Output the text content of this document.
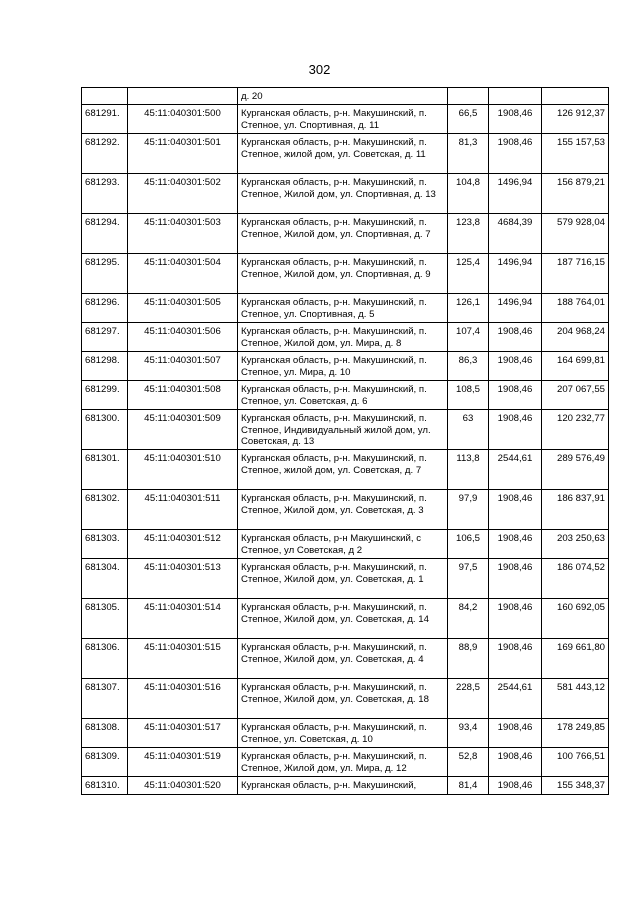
302
		д. 20			
681291.	45:11:040301:500	Курганская область, р-н. Макушинский, п. Степное, ул. Спортивная, д. 11	66,5	1908,46	126 912,37
681292.	45:11:040301:501	Курганская область, р-н. Макушинский, п. Степное, жилой дом, ул. Советская, д. 11	81,3	1908,46	155 157,53
681293.	45:11:040301:502	Курганская область, р-н. Макушинский, п. Степное, Жилой дом, ул. Спортивная, д. 13	104,8	1496,94	156 879,21
681294.	45:11:040301:503	Курганская область, р-н. Макушинский, п. Степное, Жилой дом, ул. Спортивная, д. 7	123,8	4684,39	579 928,04
681295.	45:11:040301:504	Курганская область, р-н. Макушинский, п. Степное, Жилой дом, ул. Спортивная, д. 9	125,4	1496,94	187 716,15
681296.	45:11:040301:505	Курганская область, р-н. Макушинский, п. Степное, ул. Спортивная, д. 5	126,1	1496,94	188 764,01
681297.	45:11:040301:506	Курганская область, р-н. Макушинский, п. Степное, Жилой дом, ул. Мира, д. 8	107,4	1908,46	204 968,24
681298.	45:11:040301:507	Курганская область, р-н. Макушинский, п. Степное, ул. Мира, д. 10	86,3	1908,46	164 699,81
681299.	45:11:040301:508	Курганская область, р-н. Макушинский, п. Степное, ул. Советская, д. 6	108,5	1908,46	207 067,55
681300.	45:11:040301:509	Курганская область, р-н. Макушинский, п. Степное, Индивидуальный жилой дом, ул. Советская, д. 13	63	1908,46	120 232,77
681301.	45:11:040301:510	Курганская область, р-н. Макушинский, п. Степное, жилой дом, ул. Советская, д. 7	113,8	2544,61	289 576,49
681302.	45:11:040301:511	Курганская область, р-н. Макушинский, п. Степное, Жилой дом, ул. Советская, д. 3	97,9	1908,46	186 837,91
681303.	45:11:040301:512	Курганская область, р-н Макушинский, с Степное, ул Советская, д 2	106,5	1908,46	203 250,63
681304.	45:11:040301:513	Курганская область, р-н. Макушинский, п. Степное, Жилой дом, ул. Советская, д. 1	97,5	1908,46	186 074,52
681305.	45:11:040301:514	Курганская область, р-н. Макушинский, п. Степное, Жилой дом, ул. Советская, д. 14	84,2	1908,46	160 692,05
681306.	45:11:040301:515	Курганская область, р-н. Макушинский, п. Степное, Жилой дом, ул. Советская, д. 4	88,9	1908,46	169 661,80
681307.	45:11:040301:516	Курганская область, р-н. Макушинский, п. Степное, Жилой дом, ул. Советская, д. 18	228,5	2544,61	581 443,12
681308.	45:11:040301:517	Курганская область, р-н. Макушинский, п. Степное, ул. Советская, д. 10	93,4	1908,46	178 249,85
681309.	45:11:040301:519	Курганская область, р-н. Макушинский, п. Степное, Жилой дом, ул. Мира, д. 12	52,8	1908,46	100 766,51
681310.	45:11:040301:520	Курганская область, р-н. Макушинский,	81,4	1908,46	155 348,37
